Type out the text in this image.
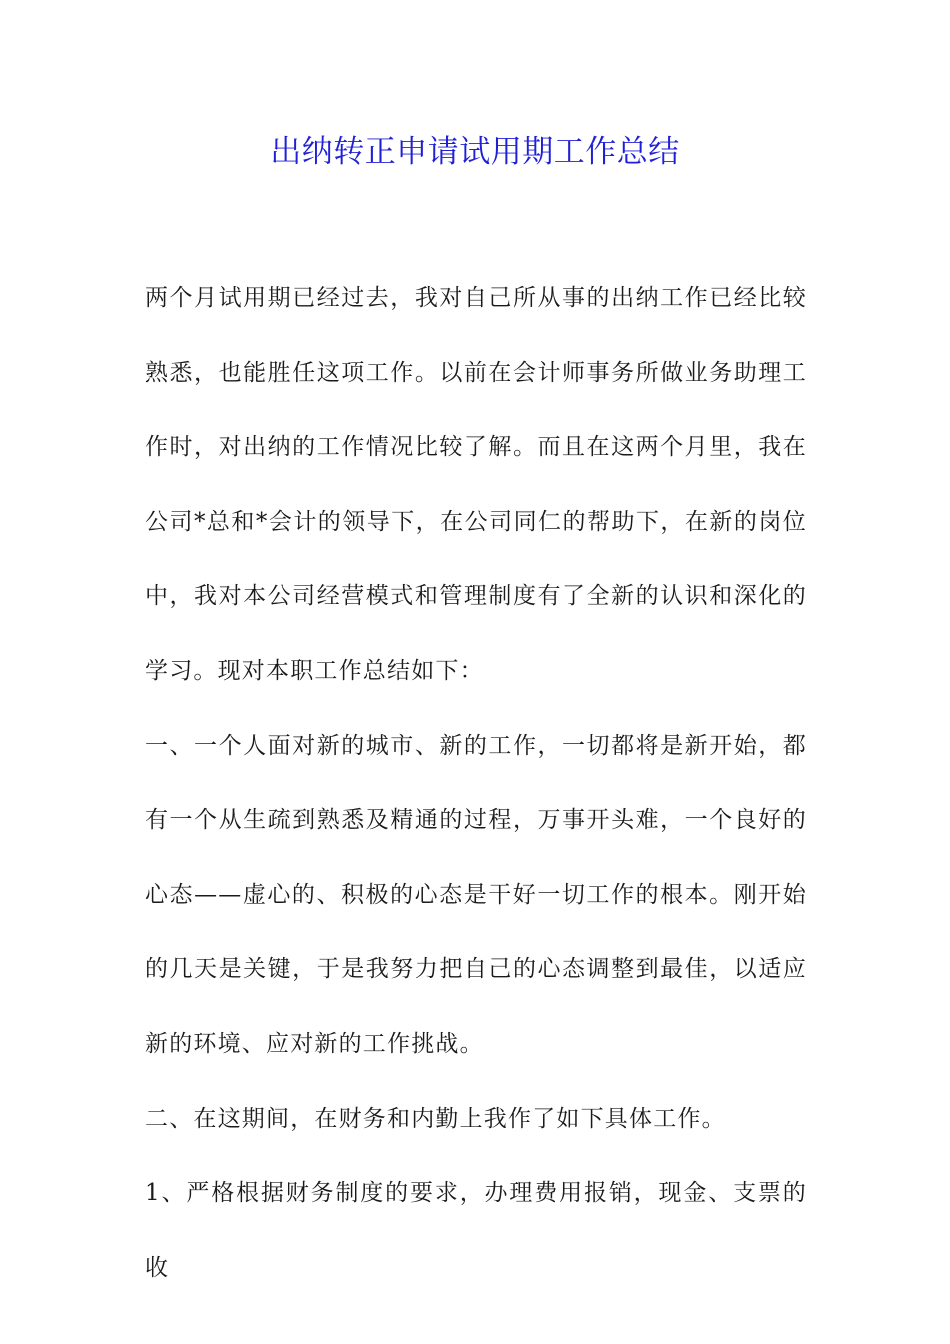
出纳转正申请试用期工作总结

两个月试用期已经过去，我对自己所从事的出纳工作已经比较熟悉，也能胜任这项工作。以前在会计师事务所做业务助理工作时，对出纳的工作情况比较了解。而且在这两个月里，我在公司*总和*会计的领导下，在公司同仁的帮助下，在新的岗位中，我对本公司经营模式和管理制度有了全新的认识和深化的学习。现对本职工作总结如下：

一、一个人面对新的城市、新的工作，一切都将是新开始，都有一个从生疏到熟悉及精通的过程，万事开头难，一个良好的心态——虚心的、积极的心态是干好一切工作的根本。刚开始的几天是关键，于是我努力把自己的心态调整到最佳，以适应新的环境、应对新的工作挑战。

二、在这期间，在财务和内勤上我作了如下具体工作。

1、严格根据财务制度的要求，办理费用报销，现金、支票的收
